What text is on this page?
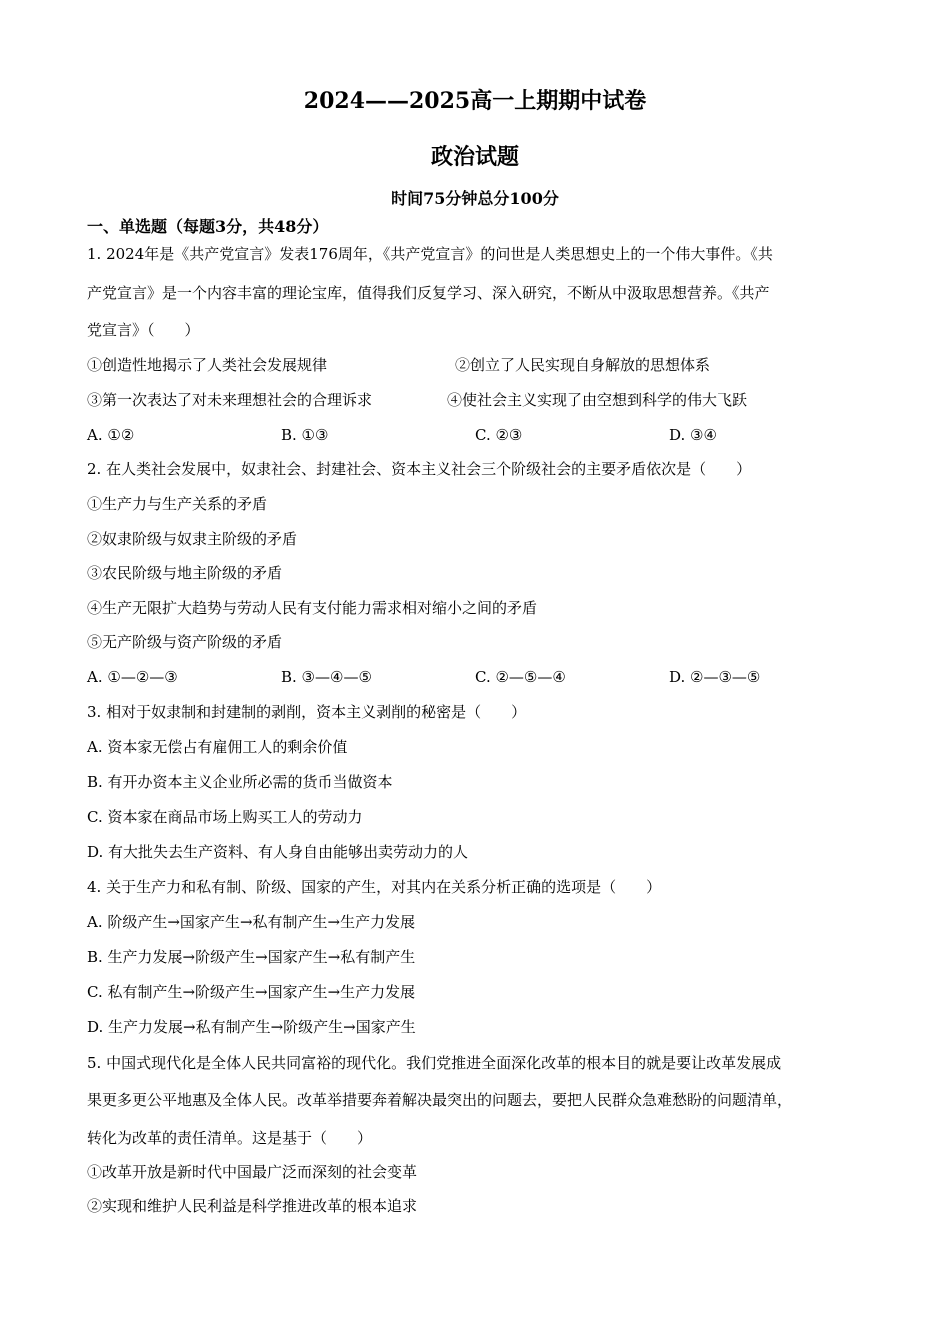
2024——2025高一上期期中试卷
政治试题
时间75分钟总分100分
一、单选题（每题3分，共48分）
1. 2024年是《共产党宣言》发表176周年，《共产党宣言》的问世是人类思想史上的一个伟大事件。《共
产党宣言》是一个内容丰富的理论宝库，值得我们反复学习、深入研究，不断从中汲取思想营养。《共产
党宣言》（　　）
①创造性地揭示了人类社会发展规律	②创立了人民实现自身解放的思想体系
③第一次表达了对未来理想社会的合理诉求	④使社会主义实现了由空想到科学的伟大飞跃
A. ①②	B. ①③	C. ②③	D. ③④
2. 在人类社会发展中，奴隶社会、封建社会、资本主义社会三个阶级社会的主要矛盾依次是（　　）
①生产力与生产关系的矛盾
②奴隶阶级与奴隶主阶级的矛盾
③农民阶级与地主阶级的矛盾
④生产无限扩大趋势与劳动人民有支付能力需求相对缩小之间的矛盾
⑤无产阶级与资产阶级的矛盾
A. ①—②—③	B. ③—④—⑤	C. ②—⑤—④	D. ②—③—⑤
3. 相对于奴隶制和封建制的剥削，资本主义剥削的秘密是（　　）
A. 资本家无偿占有雇佣工人的剩余价值
B. 有开办资本主义企业所必需的货币当做资本
C. 资本家在商品市场上购买工人的劳动力
D. 有大批失去生产资料、有人身自由能够出卖劳动力的人
4. 关于生产力和私有制、阶级、国家的产生，对其内在关系分析正确的选项是（　　）
A. 阶级产生→国家产生→私有制产生→生产力发展
B. 生产力发展→阶级产生→国家产生→私有制产生
C. 私有制产生→阶级产生→国家产生→生产力发展
D. 生产力发展→私有制产生→阶级产生→国家产生
5. 中国式现代化是全体人民共同富裕的现代化。我们党推进全面深化改革的根本目的就是要让改革发展成
果更多更公平地惠及全体人民。改革举措要奔着解决最突出的问题去，要把人民群众急难愁盼的问题清单，
转化为改革的责任清单。这是基于（　　）
①改革开放是新时代中国最广泛而深刻的社会变革
②实现和维护人民利益是科学推进改革的根本追求
